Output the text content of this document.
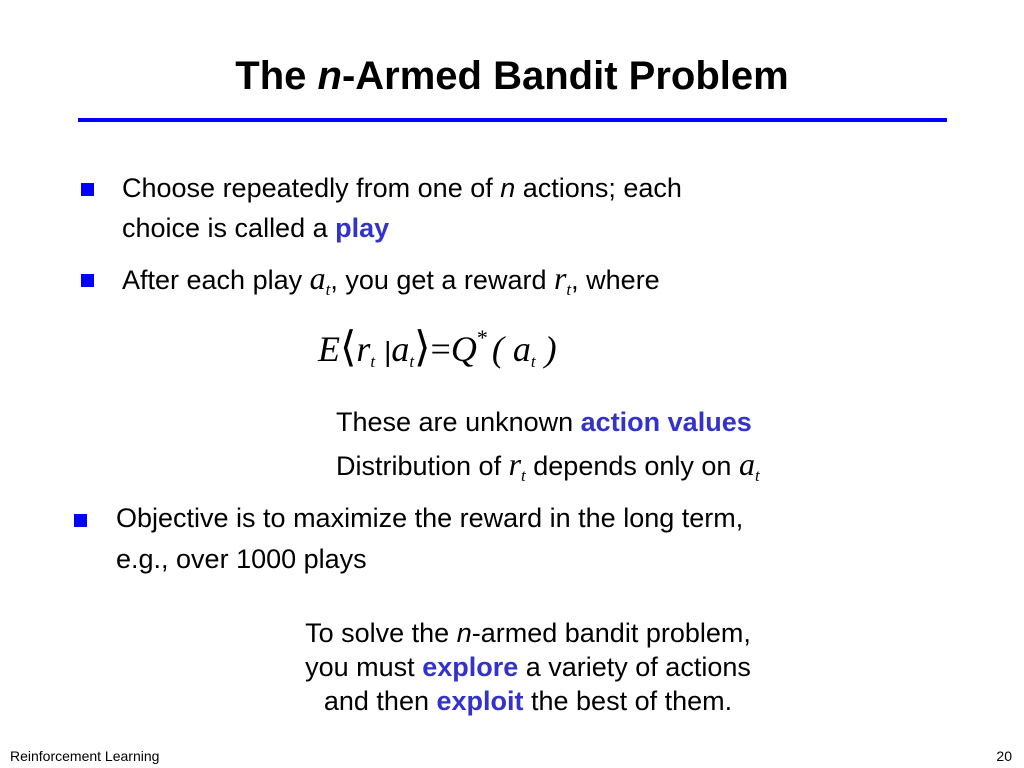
The n-Armed Bandit Problem
Choose repeatedly from one of n actions; each
choice is called a play
After each play $a_t$, you get a reward $r_t$, where
$E⟨r_t$ $|a_t⟩=Q^*$ ( $a_t$ )
These are unknown action values
Distribution of $r_t$ depends only on $a_t$
Objective is to maximize the reward in the long term,
e.g., over 1000 plays
To solve the n-armed bandit problem,
you must explore a variety of actions
and then exploit the best of them.
Reinforcement Learning	20
